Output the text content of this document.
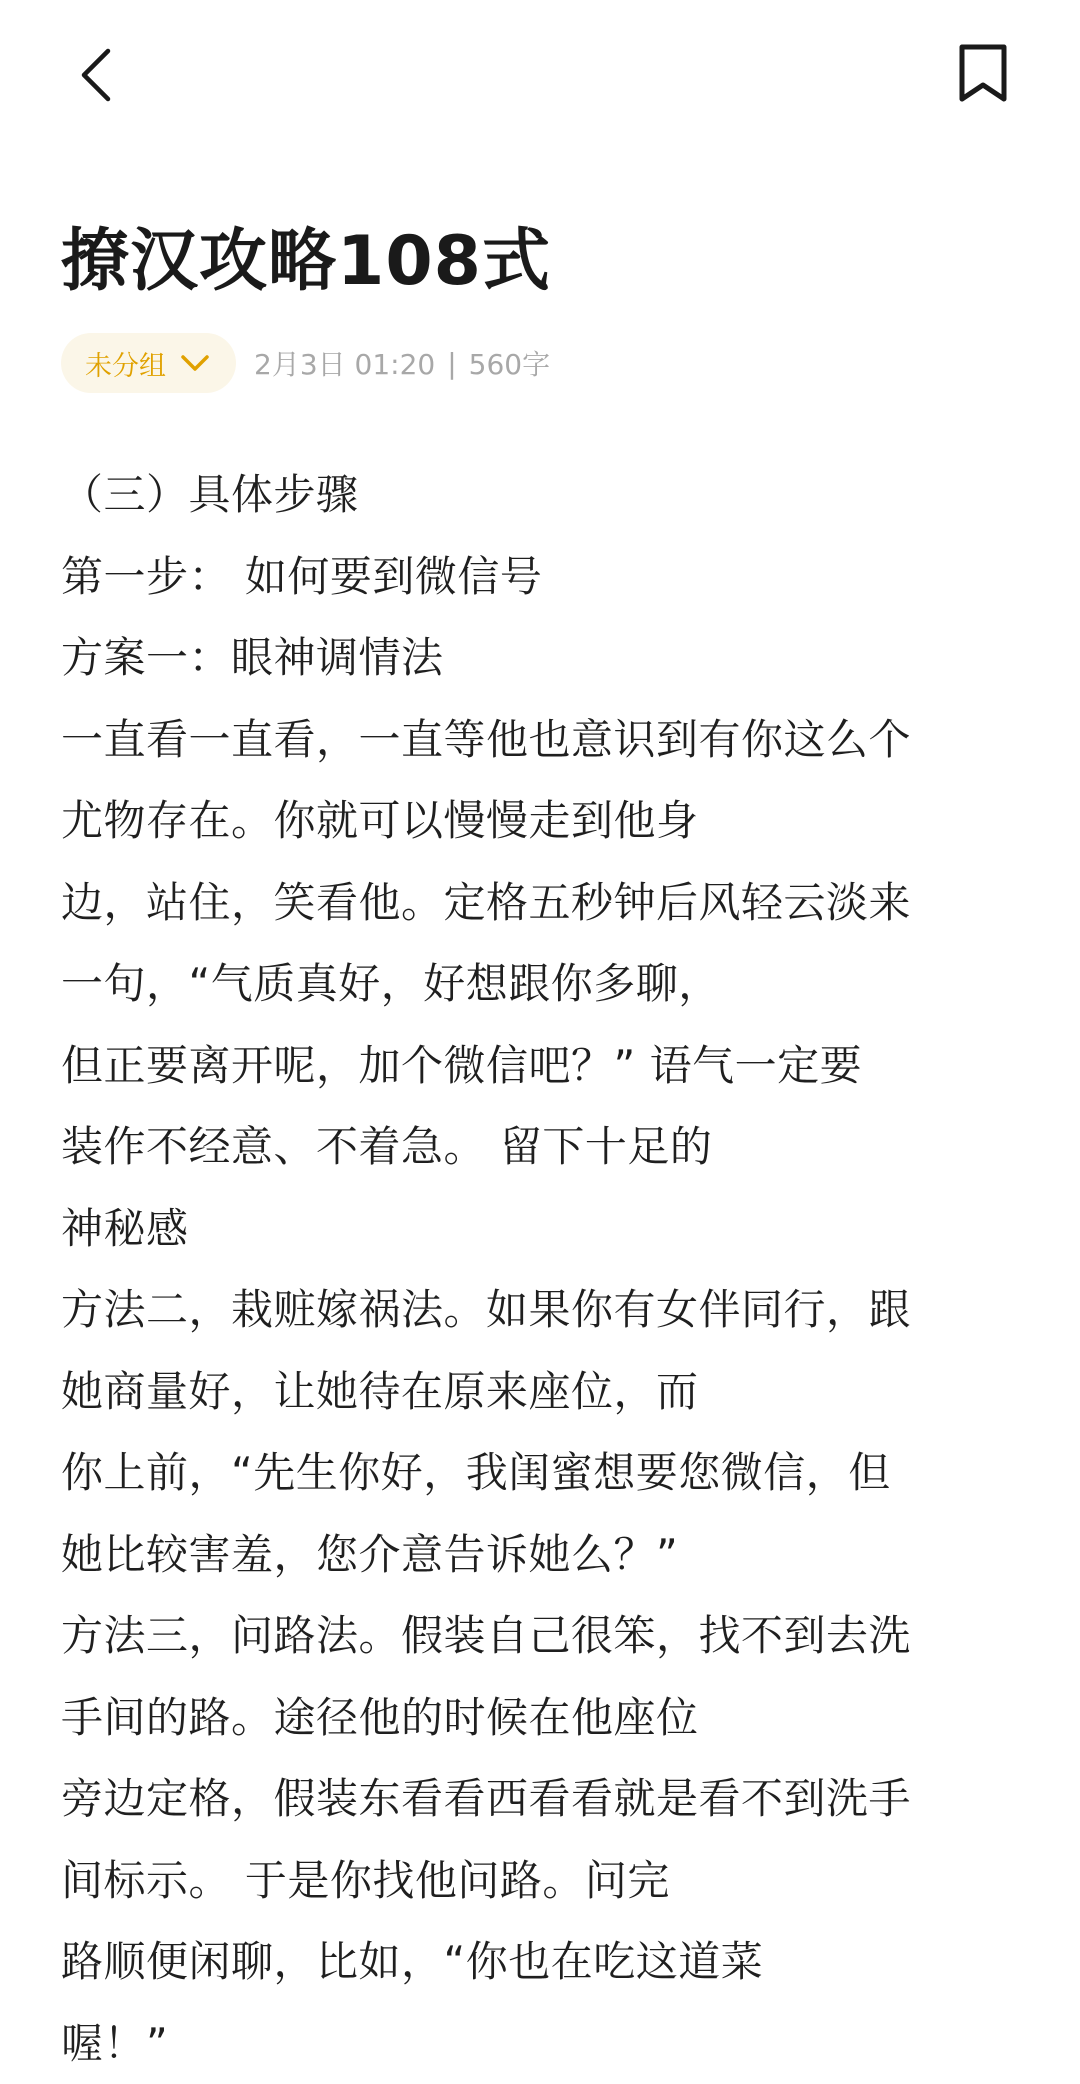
撩汉攻略108式
未分组	2月3日 01:20 | 560字

（三）具体步骤

第一步： 如何要到微信号

方案一：眼神调情法

一直看一直看，一直等他也意识到有你这么个

尤物存在。你就可以慢慢走到他身

边，站住，笑看他。定格五秒钟后风轻云淡来

一句，“气质真好，好想跟你多聊，

但正要离开呢，加个微信吧？” 语气一定要

装作不经意、不着急。 留下十足的

神秘感

方法二，栽赃嫁祸法。如果你有女伴同行，跟

她商量好，让她待在原来座位，而

你上前，“先生你好，我闺蜜想要您微信，但

她比较害羞，您介意告诉她么？”

方法三，问路法。假装自己很笨，找不到去洗

手间的路。途径他的时候在他座位

旁边定格，假装东看看西看看就是看不到洗手

间标示。 于是你找他问路。问完

路顺便闲聊，比如，“你也在吃这道菜

喔！”
